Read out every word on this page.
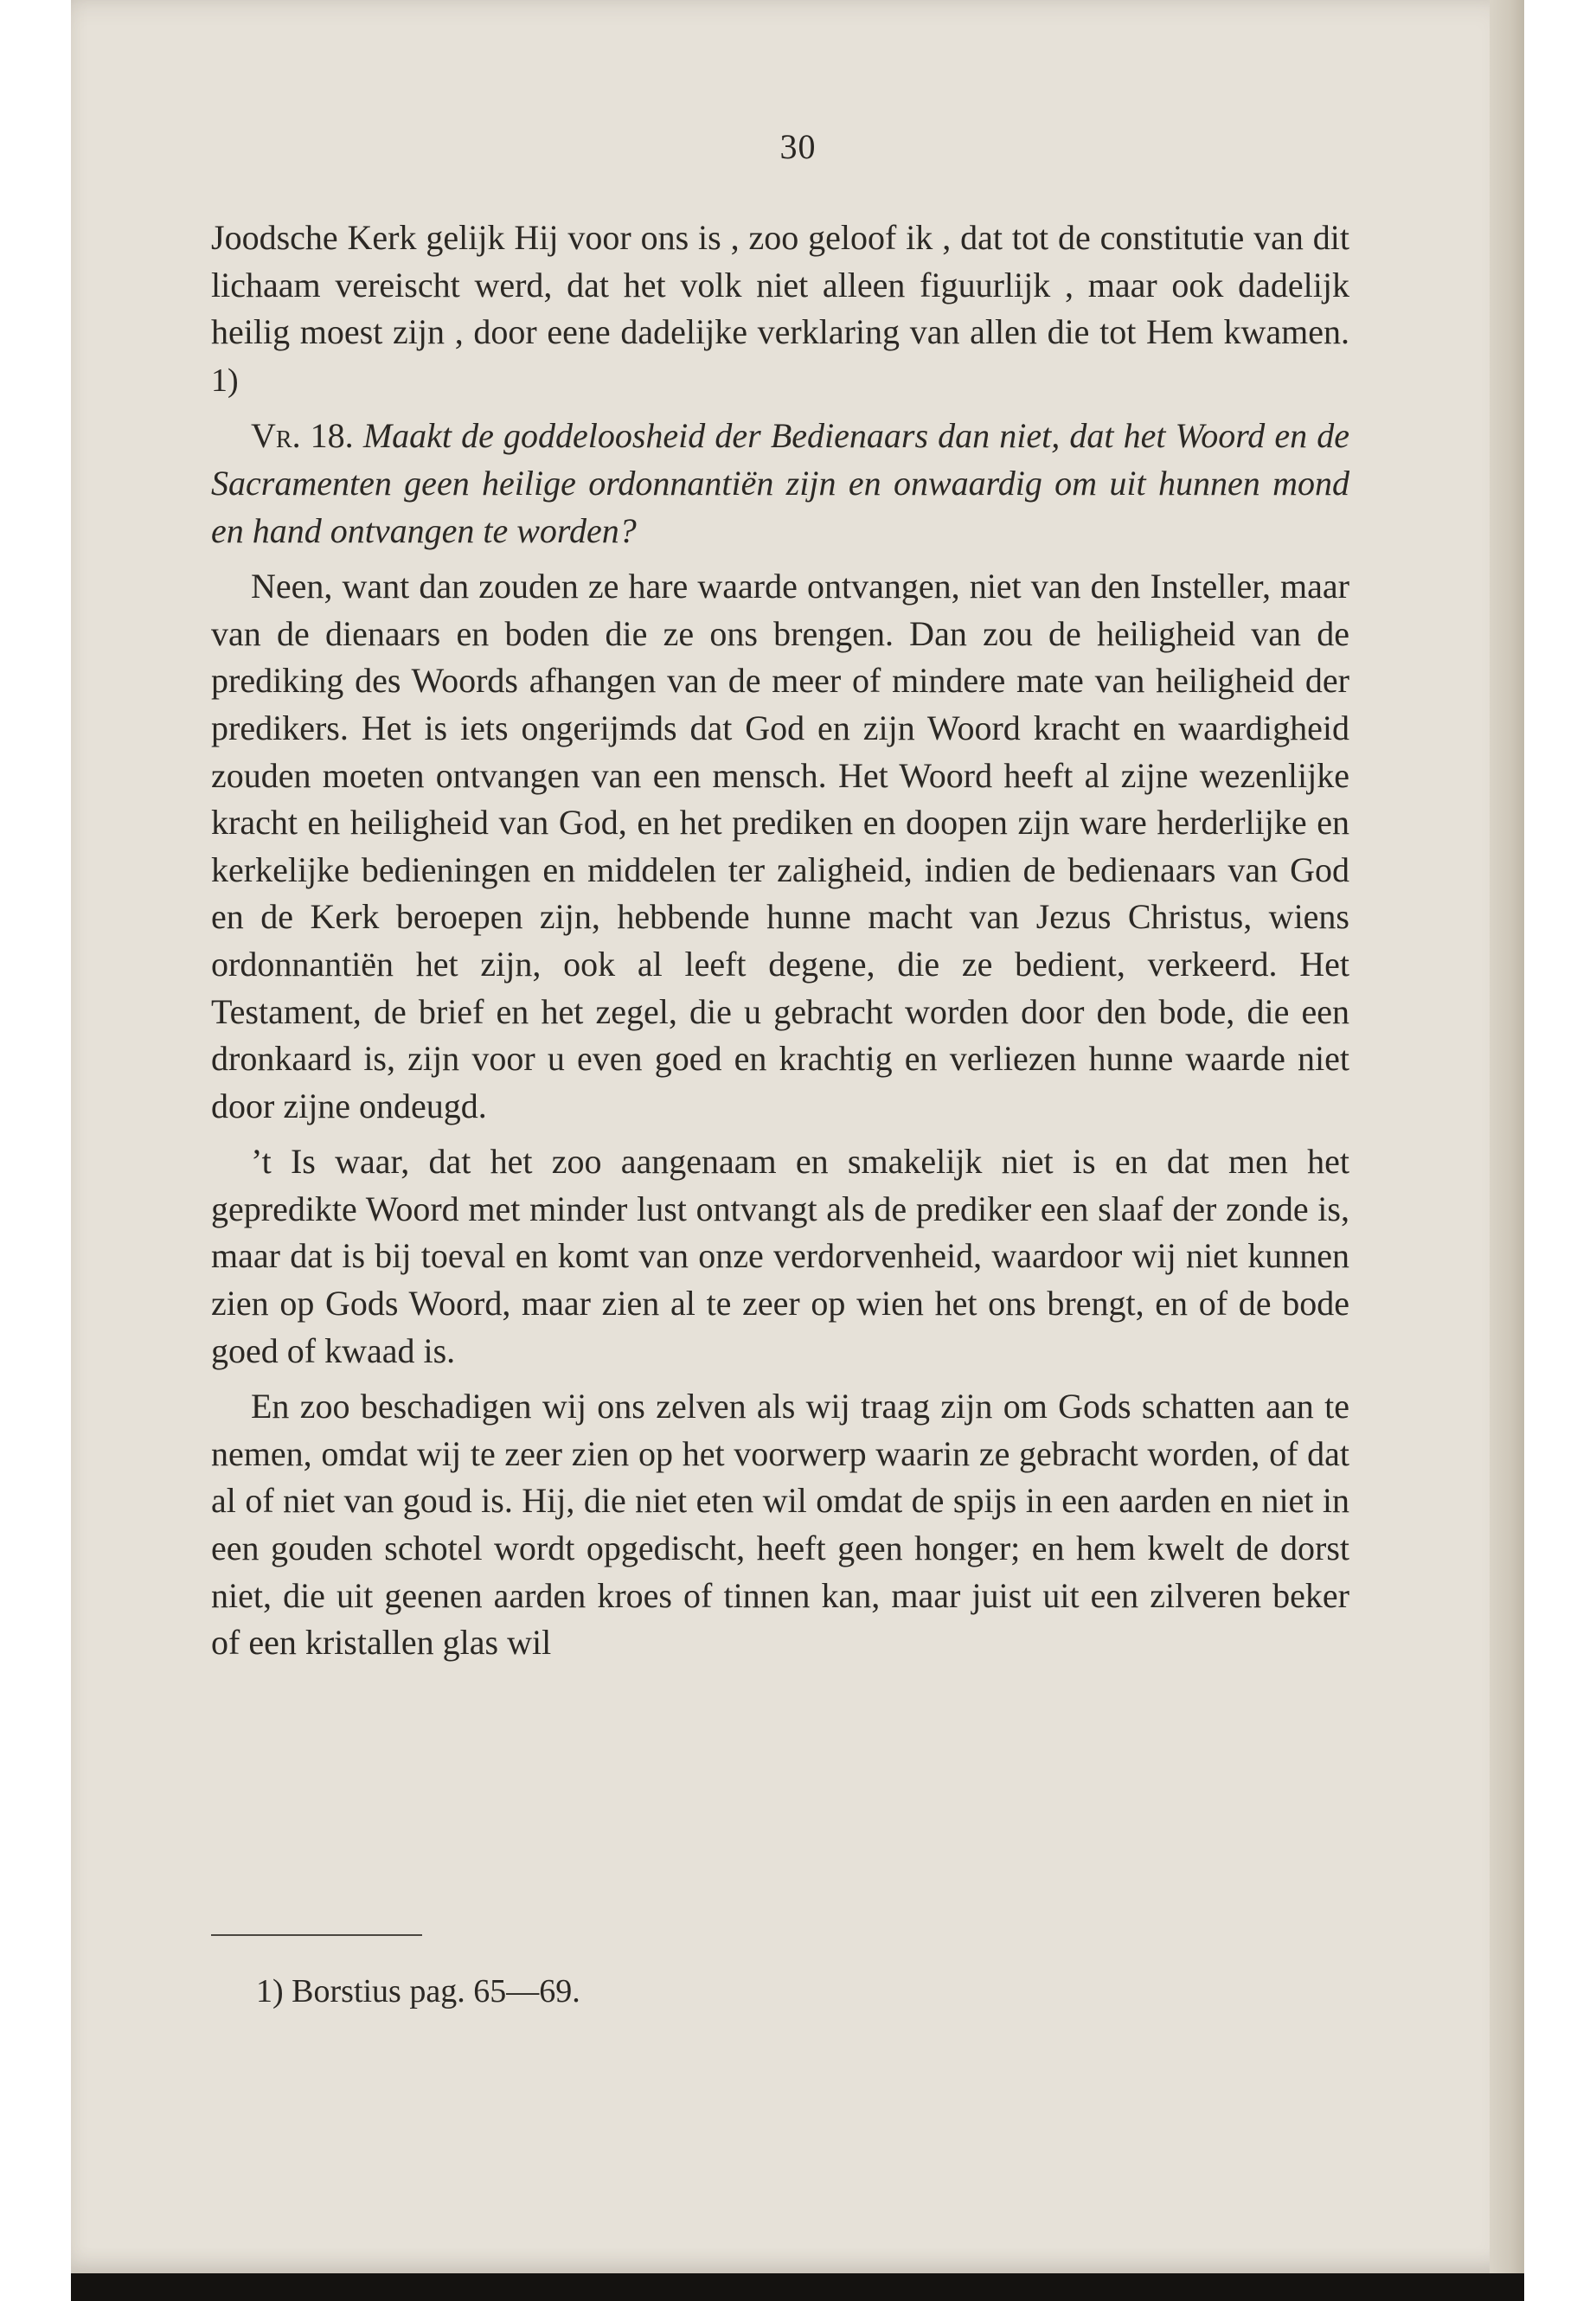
30

Joodsche Kerk gelijk Hij voor ons is , zoo geloof ik , dat tot de constitutie van dit lichaam vereischt werd, dat het volk niet alleen figuurlijk , maar ook dadelijk heilig moest zijn , door eene dadelijke verklaring van allen die tot Hem kwamen. 1)

Vr. 18. Maakt de goddeloosheid der Bedienaars dan niet, dat het Woord en de Sacramenten geen heilige ordonnantiën zijn en onwaardig om uit hunnen mond en hand ontvangen te worden?

Neen, want dan zouden ze hare waarde ontvangen, niet van den Insteller, maar van de dienaars en boden die ze ons brengen. Dan zou de heiligheid van de prediking des Woords afhangen van de meer of mindere mate van heiligheid der predikers. Het is iets ongerijmds dat God en zijn Woord kracht en waardigheid zouden moeten ontvangen van een mensch. Het Woord heeft al zijne wezenlijke kracht en heiligheid van God, en het prediken en doopen zijn ware herderlijke en kerkelijke bedieningen en middelen ter zaligheid, indien de bedienaars van God en de Kerk beroepen zijn, hebbende hunne macht van Jezus Christus, wiens ordonnantiën het zijn, ook al leeft degene, die ze bedient, verkeerd. Het Testament, de brief en het zegel, die u gebracht worden door den bode, die een dronkaard is, zijn voor u even goed en krachtig en verliezen hunne waarde niet door zijne ondeugd.

’t Is waar, dat het zoo aangenaam en smakelijk niet is en dat men het gepredikte Woord met minder lust ontvangt als de prediker een slaaf der zonde is, maar dat is bij toeval en komt van onze verdorvenheid, waardoor wij niet kunnen zien op Gods Woord, maar zien al te zeer op wien het ons brengt, en of de bode goed of kwaad is.

En zoo beschadigen wij ons zelven als wij traag zijn om Gods schatten aan te nemen, omdat wij te zeer zien op het voorwerp waarin ze gebracht worden, of dat al of niet van goud is. Hij, die niet eten wil omdat de spijs in een aarden en niet in een gouden schotel wordt opgedischt, heeft geen honger; en hem kwelt de dorst niet, die uit geenen aarden kroes of tinnen kan, maar juist uit een zilveren beker of een kristallen glas wil

1) Borstius pag. 65—69.
